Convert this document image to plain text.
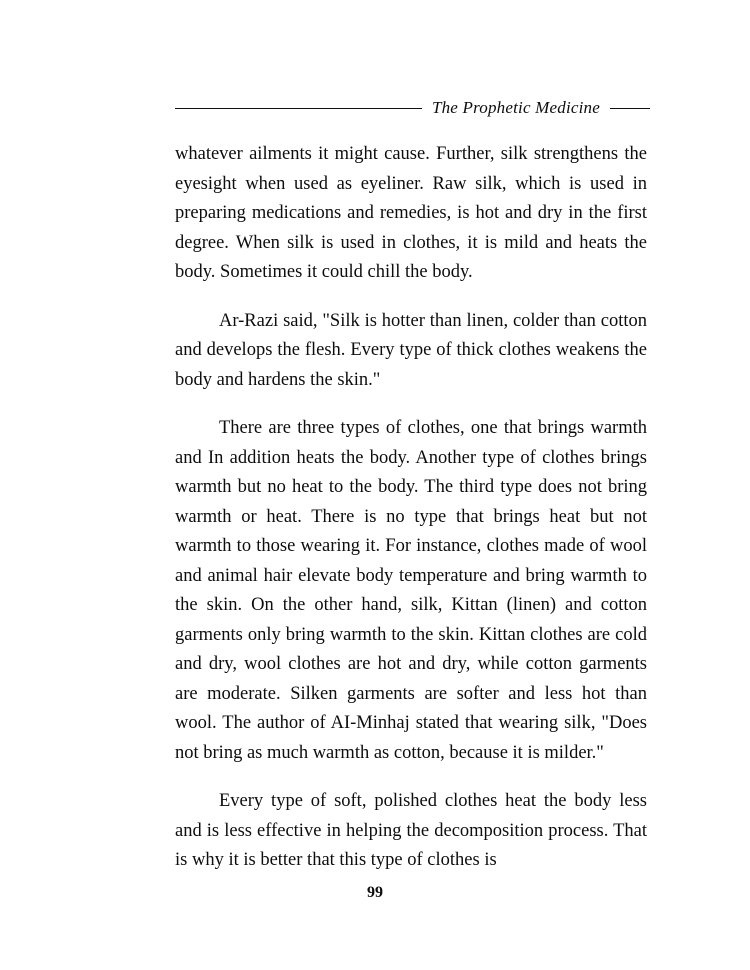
The Prophetic Medicine

whatever ailments it might cause. Further, silk strengthens the eyesight when used as eyeliner. Raw silk, which is used in preparing medications and remedies, is hot and dry in the first degree. When silk is used in clothes, it is mild and heats the body. Sometimes it could chill the body.

Ar-Razi said, "Silk is hotter than linen, colder than cotton and develops the flesh. Every type of thick clothes weakens the body and hardens the skin."

There are three types of clothes, one that brings warmth and In addition heats the body. Another type of clothes brings warmth but no heat to the body. The third type does not bring warmth or heat. There is no type that brings heat but not warmth to those wearing it. For instance, clothes made of wool and animal hair elevate body temperature and bring warmth to the skin. On the other hand, silk, Kittan (linen) and cotton garments only bring warmth to the skin. Kittan clothes are cold and dry, wool clothes are hot and dry, while cotton garments are moderate. Silken garments are softer and less hot than wool. The author of AI-Minhaj stated that wearing silk, "Does not bring as much warmth as cotton, because it is milder."

Every type of soft, polished clothes heat the body less and is less effective in helping the decomposition process. That is why it is better that this type of clothes is

99
